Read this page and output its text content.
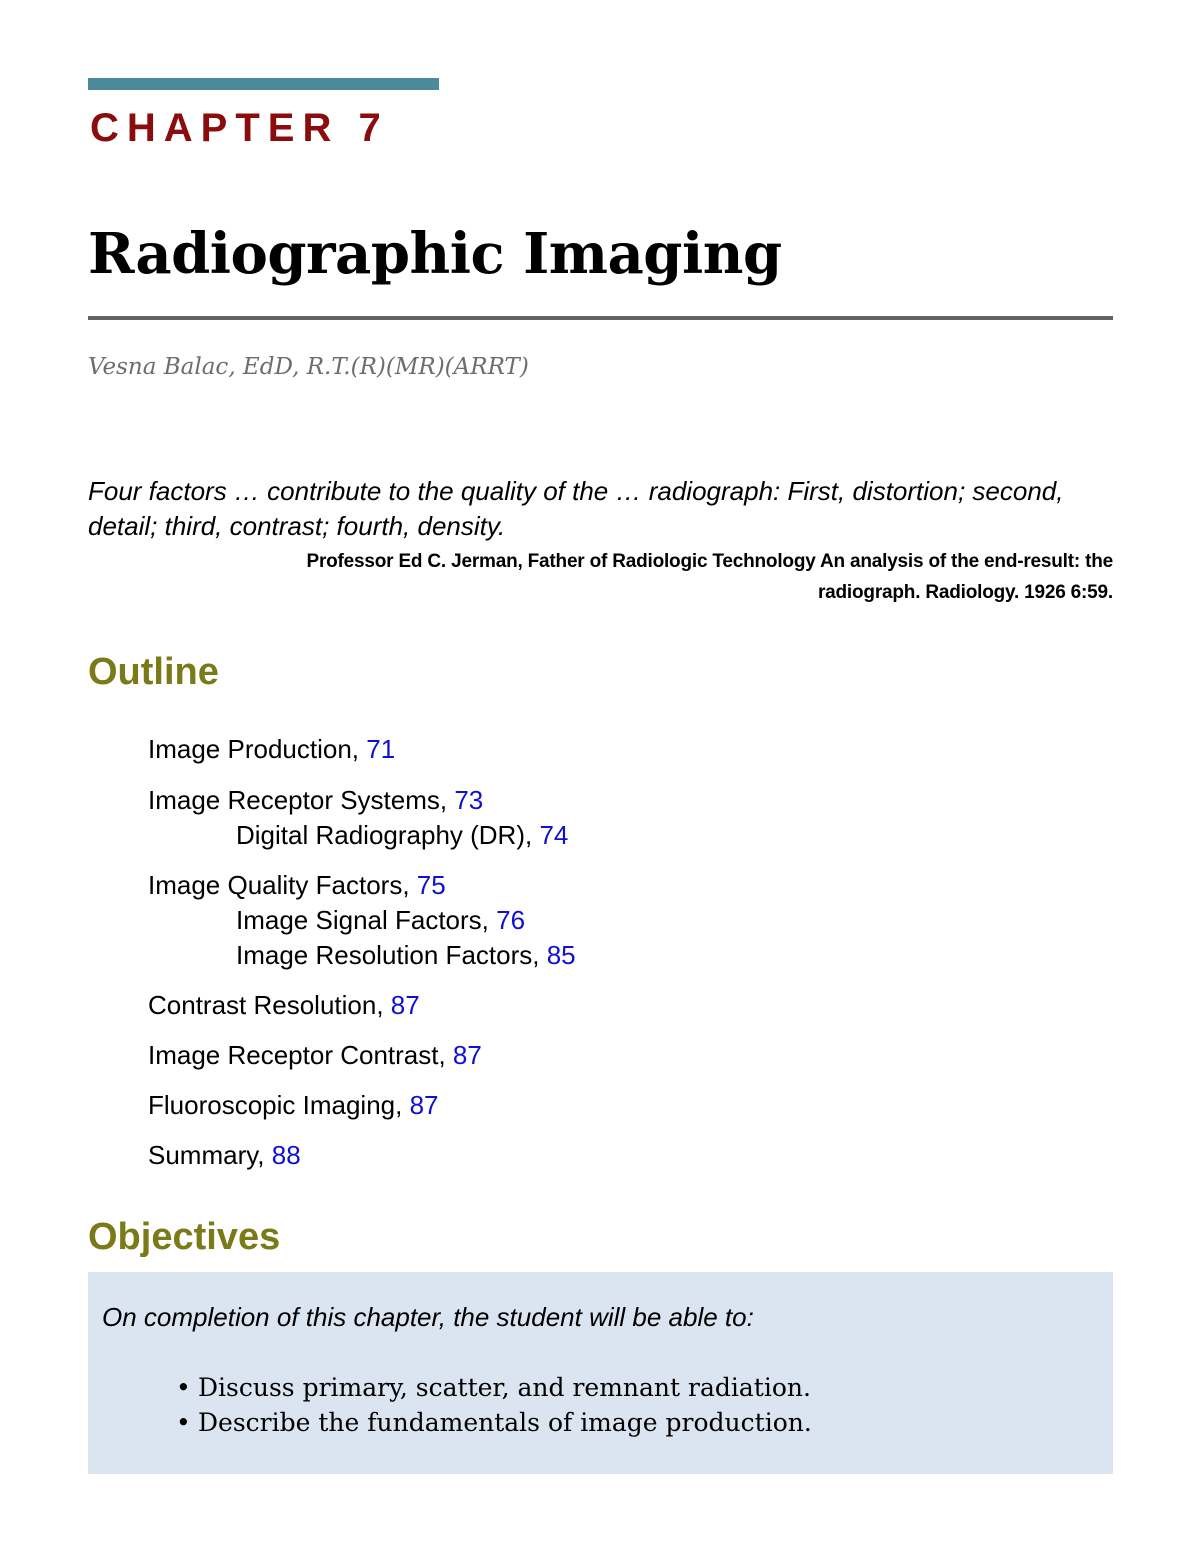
CHAPTER 7
Radiographic Imaging
Vesna Balac, EdD, R.T.(R)(MR)(ARRT)
Four factors … contribute to the quality of the … radiograph: First, distortion; second, detail; third, contrast; fourth, density.
Professor Ed C. Jerman, Father of Radiologic Technology An analysis of the end-result: the
radiograph. Radiology. 1926 6:59.
Outline
Image Production, 71
Image Receptor Systems, 73
Digital Radiography (DR), 74
Image Quality Factors, 75
Image Signal Factors, 76
Image Resolution Factors, 85
Contrast Resolution, 87
Image Receptor Contrast, 87
Fluoroscopic Imaging, 87
Summary, 88
Objectives
On completion of this chapter, the student will be able to:
• Discuss primary, scatter, and remnant radiation.
• Describe the fundamentals of image production.
